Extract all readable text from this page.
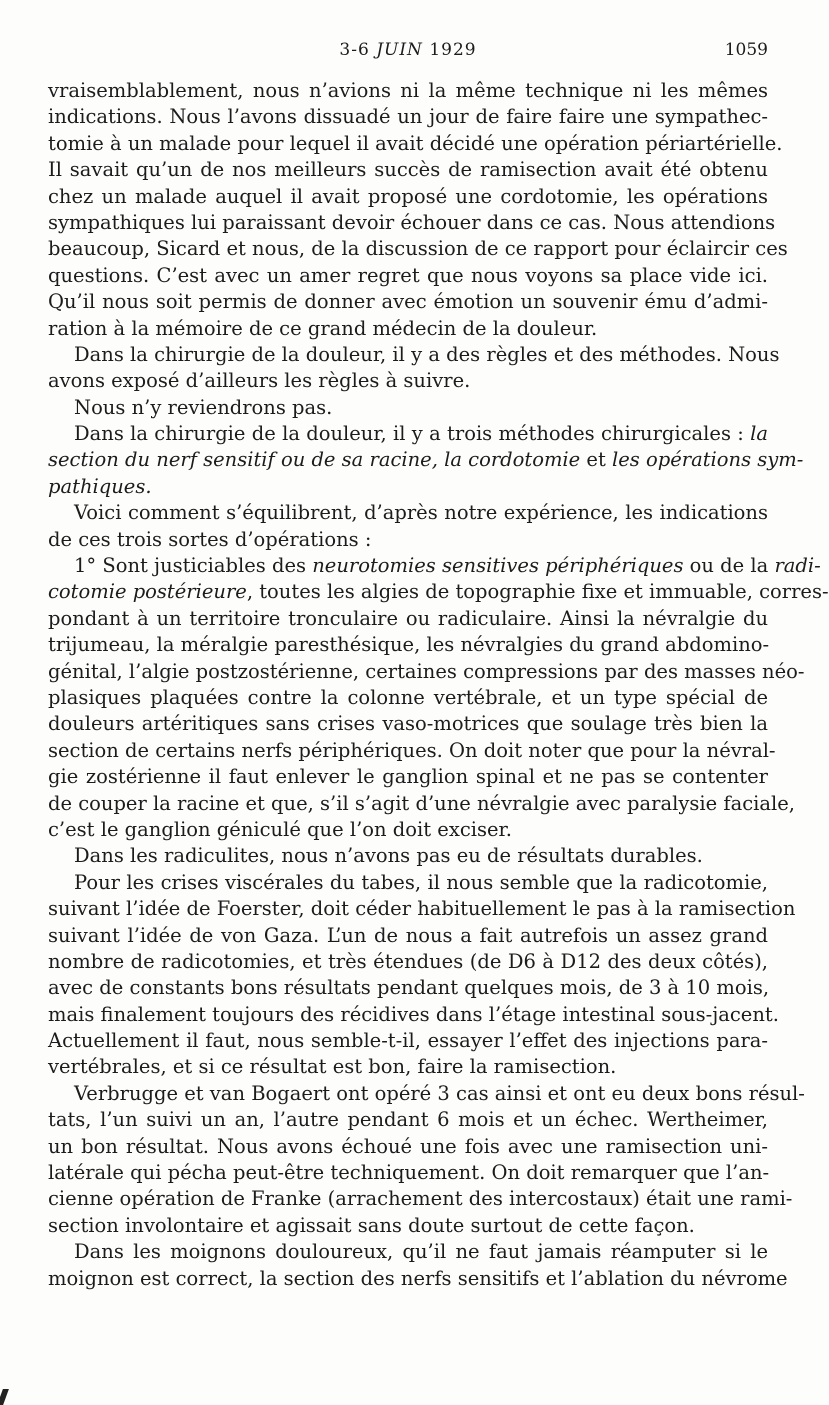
3-6 JUIN 1929	1059
vraisemblablement, nous n’avions ni la même technique ni les mêmes
indications. Nous l’avons dissuadé un jour de faire faire une sympathec-
tomie à un malade pour lequel il avait décidé une opération périartérielle.
Il savait qu’un de nos meilleurs succès de ramisection avait été obtenu
chez un malade auquel il avait proposé une cordotomie, les opérations
sympathiques lui paraissant devoir échouer dans ce cas. Nous attendions
beaucoup, Sicard et nous, de la discussion de ce rapport pour éclaircir ces
questions. C’est avec un amer regret que nous voyons sa place vide ici.
Qu’il nous soit permis de donner avec émotion un souvenir ému d’admi-
ration à la mémoire de ce grand médecin de la douleur.
Dans la chirurgie de la douleur, il y a des règles et des méthodes. Nous
avons exposé d’ailleurs les règles à suivre.
Nous n’y reviendrons pas.
Dans la chirurgie de la douleur, il y a trois méthodes chirurgicales : la
section du nerf sensitif ou de sa racine, la cordotomie et les opérations sym-
pathiques.
Voici comment s’équilibrent, d’après notre expérience, les indications
de ces trois sortes d’opérations :
1° Sont justiciables des neurotomies sensitives périphériques ou de la radi-
cotomie postérieure, toutes les algies de topographie fixe et immuable, corres-
pondant à un territoire tronculaire ou radiculaire. Ainsi la névralgie du
trijumeau, la méralgie paresthésique, les névralgies du grand abdomino-
génital, l’algie postzostérienne, certaines compressions par des masses néo-
plasiques plaquées contre la colonne vertébrale, et un type spécial de
douleurs artéritiques sans crises vaso-motrices que soulage très bien la
section de certains nerfs périphériques. On doit noter que pour la névral-
gie zostérienne il faut enlever le ganglion spinal et ne pas se contenter
de couper la racine et que, s’il s’agit d’une névralgie avec paralysie faciale,
c’est le ganglion géniculé que l’on doit exciser.
Dans les radiculites, nous n’avons pas eu de résultats durables.
Pour les crises viscérales du tabes, il nous semble que la radicotomie,
suivant l’idée de Foerster, doit céder habituellement le pas à la ramisection
suivant l’idée de von Gaza. L’un de nous a fait autrefois un assez grand
nombre de radicotomies, et très étendues (de D6 à D12 des deux côtés),
avec de constants bons résultats pendant quelques mois, de 3 à 10 mois,
mais finalement toujours des récidives dans l’étage intestinal sous-jacent.
Actuellement il faut, nous semble-t-il, essayer l’effet des injections para-
vertébrales, et si ce résultat est bon, faire la ramisection.
Verbrugge et van Bogaert ont opéré 3 cas ainsi et ont eu deux bons résul-
tats, l’un suivi un an, l’autre pendant 6 mois et un échec. Wertheimer,
un bon résultat. Nous avons échoué une fois avec une ramisection uni-
latérale qui pécha peut-être techniquement. On doit remarquer que l’an-
cienne opération de Franke (arrachement des intercostaux) était une rami-
section involontaire et agissait sans doute surtout de cette façon.
Dans les moignons douloureux, qu’il ne faut jamais réamputer si le
moignon est correct, la section des nerfs sensitifs et l’ablation du névrome
